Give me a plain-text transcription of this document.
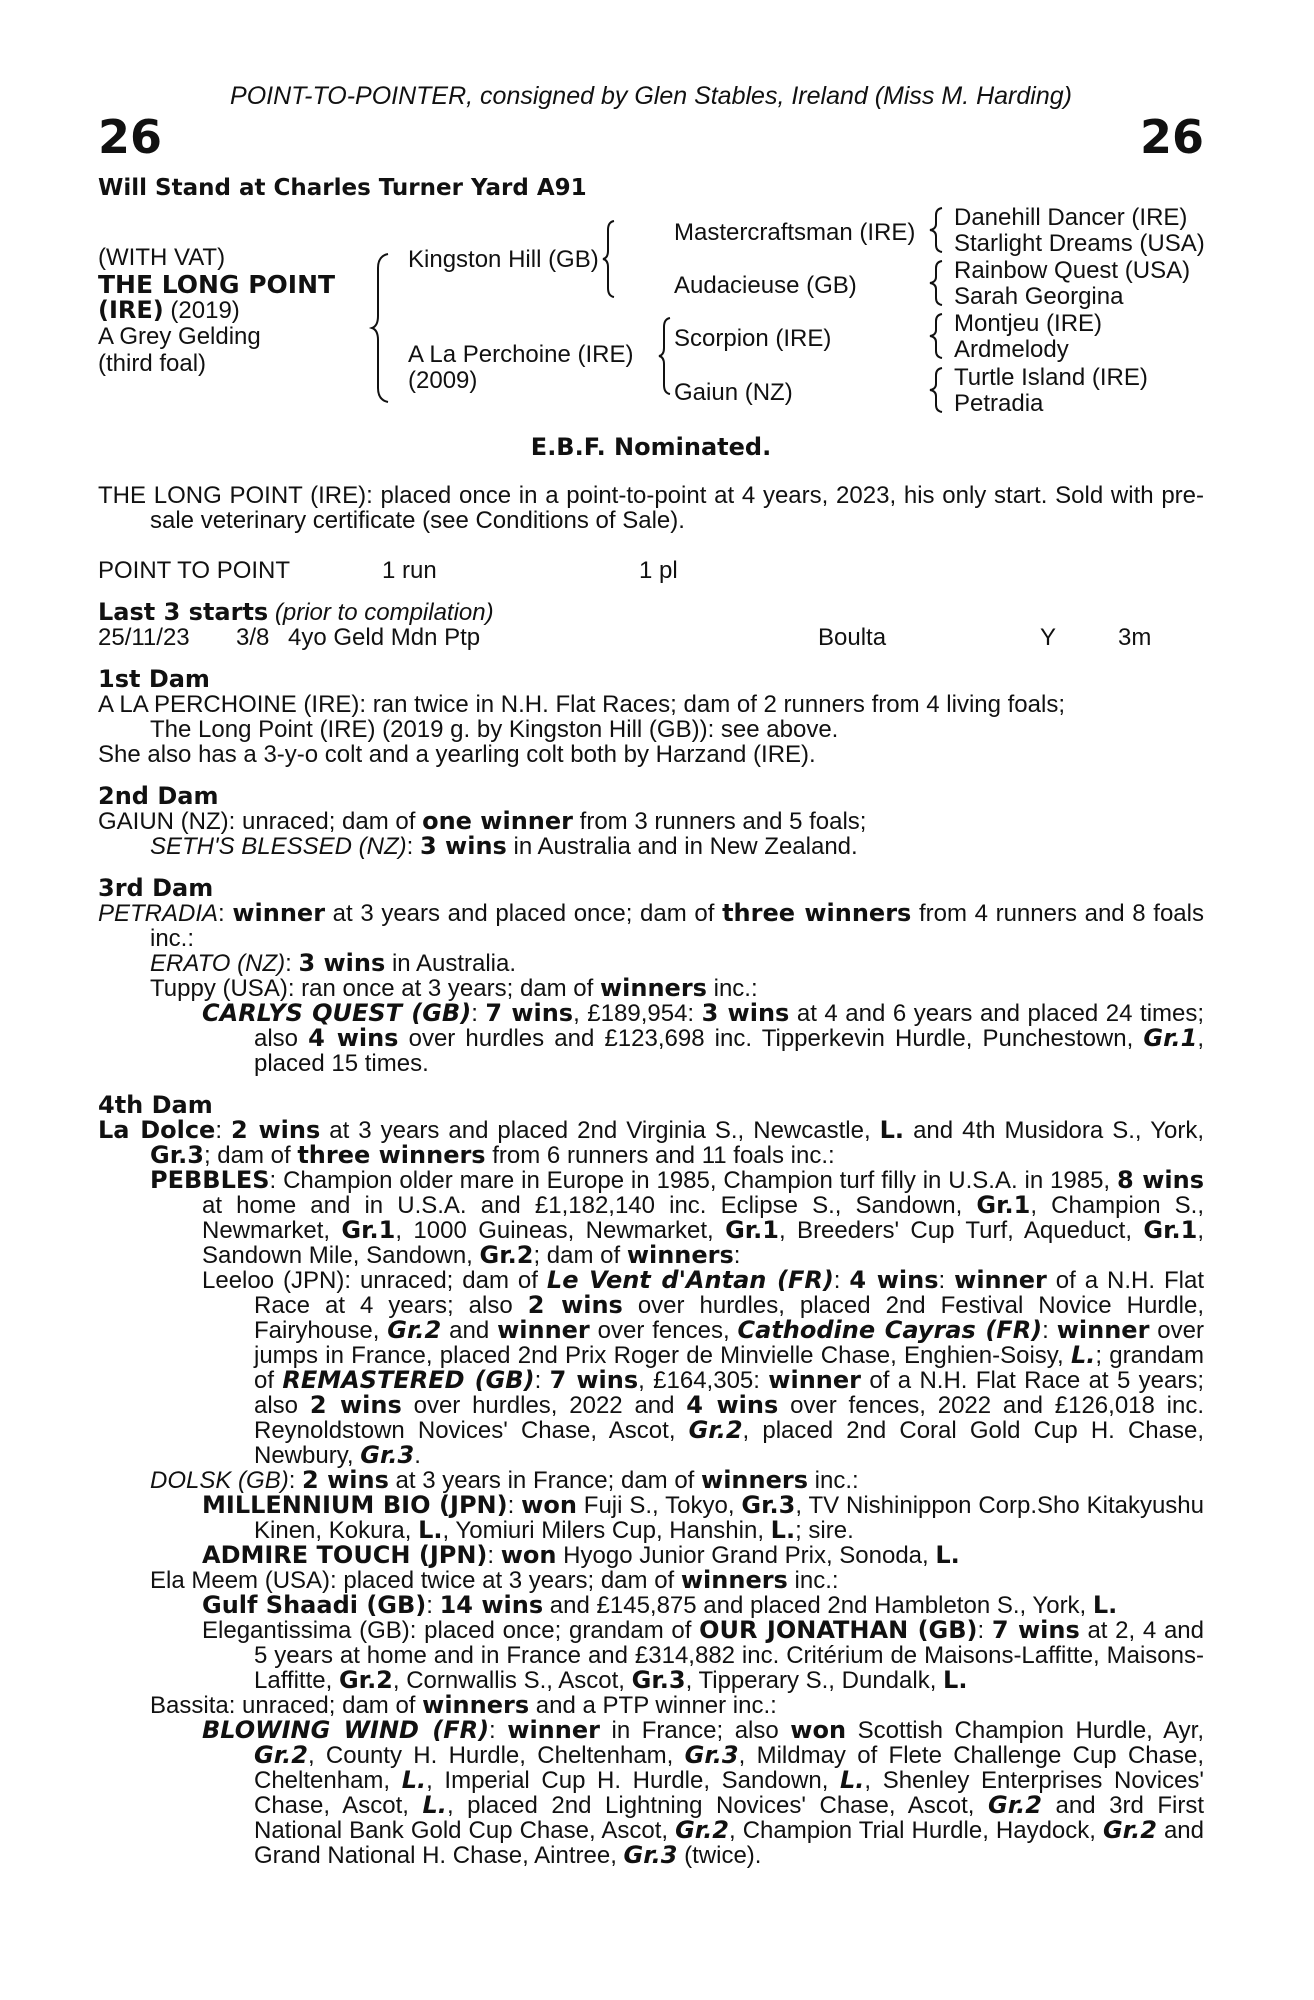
POINT-TO-POINTER, consigned by Glen Stables, Ireland (Miss M. Harding)
26	26
Will Stand at Charles Turner Yard A91
(WITH VAT)
THE LONG POINT
(IRE) (2019)
A Grey Gelding
(third foal)
Kingston Hill (GB)
A La Perchoine (IRE)
(2009)
Mastercraftsman (IRE)
Audacieuse (GB)
Scorpion (IRE)
Gaiun (NZ)
Danehill Dancer (IRE)
Starlight Dreams (USA)
Rainbow Quest (USA)
Sarah Georgina
Montjeu (IRE)
Ardmelody
Turtle Island (IRE)
Petradia
E.B.F. Nominated.

THE LONG POINT (IRE): placed once in a point-to-point at 4 years, 2023, his only start. Sold with pre-sale veterinary certificate (see Conditions of Sale).

POINT TO POINT	1 run	1 pl

Last 3 starts (prior to compilation)

25/11/23 3/8 4yo Geld Mdn Ptp	Boulta	Y	3m

1st Dam

A LA PERCHOINE (IRE): ran twice in N.H. Flat Races; dam of 2 runners from 4 living foals;

The Long Point (IRE) (2019 g. by Kingston Hill (GB)): see above.

She also has a 3-y-o colt and a yearling colt both by Harzand (IRE).

2nd Dam

GAIUN (NZ): unraced; dam of one winner from 3 runners and 5 foals;

SETH'S BLESSED (NZ): 3 wins in Australia and in New Zealand.

3rd Dam

PETRADIA: winner at 3 years and placed once; dam of three winners from 4 runners and 8 foals inc.:

ERATO (NZ): 3 wins in Australia.

Tuppy (USA): ran once at 3 years; dam of winners inc.:

CARLYS QUEST (GB): 7 wins, £189,954: 3 wins at 4 and 6 years and placed 24 times; also 4 wins over hurdles and £123,698 inc. Tipperkevin Hurdle, Punchestown, Gr.1, placed 15 times.

4th Dam

La Dolce: 2 wins at 3 years and placed 2nd Virginia S., Newcastle, L. and 4th Musidora S., York, Gr.3; dam of three winners from 6 runners and 11 foals inc.:

PEBBLES: Champion older mare in Europe in 1985, Champion turf filly in U.S.A. in 1985, 8 wins at home and in U.S.A. and £1,182,140 inc. Eclipse S., Sandown, Gr.1, Champion S., Newmarket, Gr.1, 1000 Guineas, Newmarket, Gr.1, Breeders' Cup Turf, Aqueduct, Gr.1, Sandown Mile, Sandown, Gr.2; dam of winners:

Leeloo (JPN): unraced; dam of Le Vent d'Antan (FR): 4 wins: winner of a N.H. Flat Race at 4 years; also 2 wins over hurdles, placed 2nd Festival Novice Hurdle, Fairyhouse, Gr.2 and winner over fences, Cathodine Cayras (FR): winner over jumps in France, placed 2nd Prix Roger de Minvielle Chase, Enghien-Soisy, L.; grandam of REMASTERED (GB): 7 wins, £164,305: winner of a N.H. Flat Race at 5 years; also 2 wins over hurdles, 2022 and 4 wins over fences, 2022 and £126,018 inc. Reynoldstown Novices' Chase, Ascot, Gr.2, placed 2nd Coral Gold Cup H. Chase, Newbury, Gr.3.

DOLSK (GB): 2 wins at 3 years in France; dam of winners inc.:

MILLENNIUM BIO (JPN): won Fuji S., Tokyo, Gr.3, TV Nishinippon Corp.Sho Kitakyushu Kinen, Kokura, L., Yomiuri Milers Cup, Hanshin, L.; sire.

ADMIRE TOUCH (JPN): won Hyogo Junior Grand Prix, Sonoda, L.

Ela Meem (USA): placed twice at 3 years; dam of winners inc.:

Gulf Shaadi (GB): 14 wins and £145,875 and placed 2nd Hambleton S., York, L.

Elegantissima (GB): placed once; grandam of OUR JONATHAN (GB): 7 wins at 2, 4 and 5 years at home and in France and £314,882 inc. Critérium de Maisons-Laffitte, Maisons-Laffitte, Gr.2, Cornwallis S., Ascot, Gr.3, Tipperary S., Dundalk, L.

Bassita: unraced; dam of winners and a PTP winner inc.:

BLOWING WIND (FR): winner in France; also won Scottish Champion Hurdle, Ayr, Gr.2, County H. Hurdle, Cheltenham, Gr.3, Mildmay of Flete Challenge Cup Chase, Cheltenham, L., Imperial Cup H. Hurdle, Sandown, L., Shenley Enterprises Novices' Chase, Ascot, L., placed 2nd Lightning Novices' Chase, Ascot, Gr.2 and 3rd First National Bank Gold Cup Chase, Ascot, Gr.2, Champion Trial Hurdle, Haydock, Gr.2 and Grand National H. Chase, Aintree, Gr.3 (twice).
